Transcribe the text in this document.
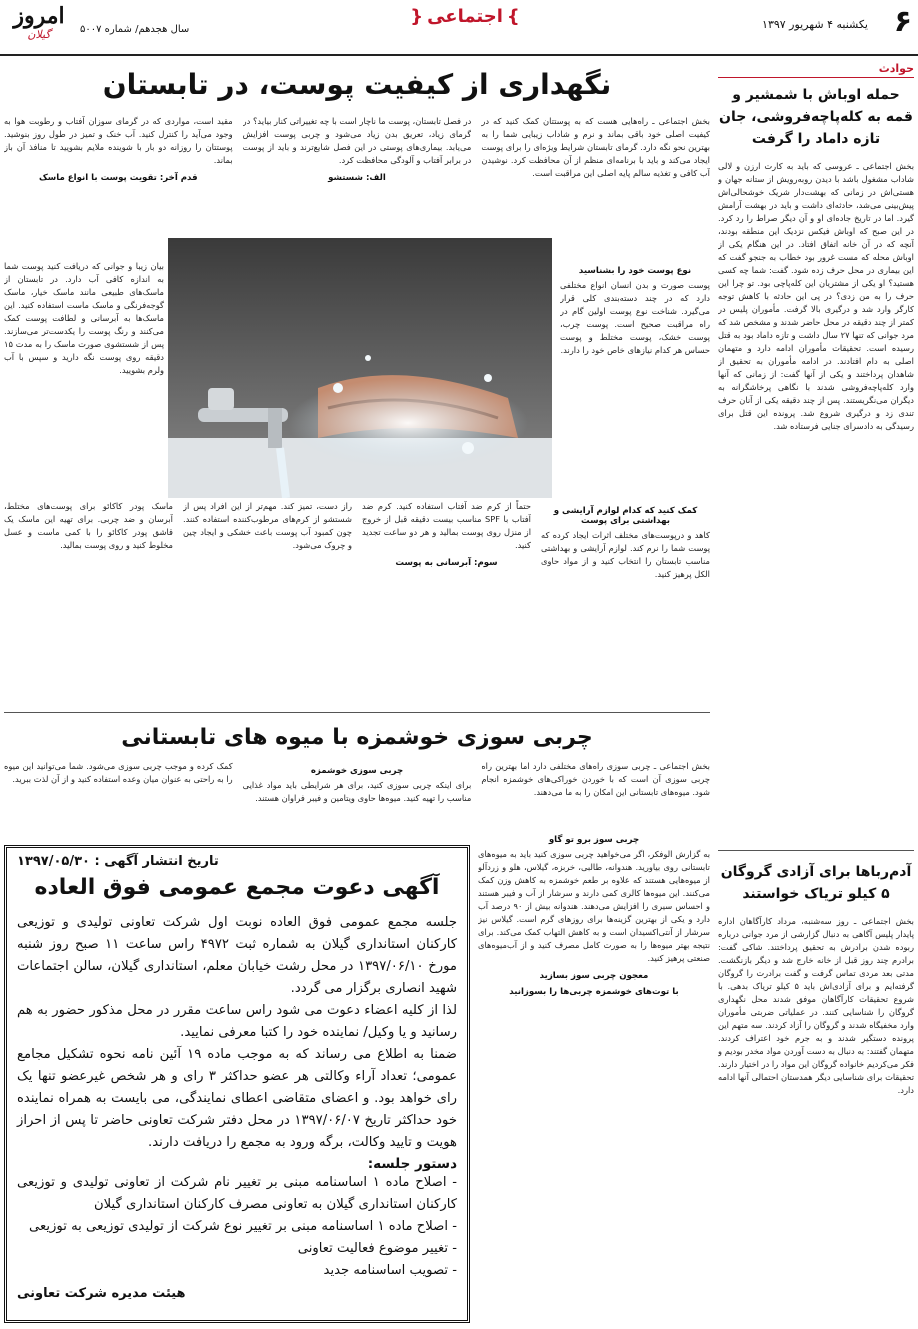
۶
یکشنبه ۴ شهریور ۱۳۹۷
} اجتماعی {
سال هجدهم/ شماره ۵۰۰۷
امروز
گیلان
حوادث
حمله اوباش با شمشیر و قمه به کله‌پاچه‌فروشی، جان تازه داماد را گرفت

بخش اجتماعی ـ عروسی که باید به کارت ارزن و لالی شاداب مشغول باشد با دیدن روبه‌رویش از ستانه جهان و هستی‌اش در زمانی که بهشت‌دار شریک خوشحالی‌اش پیش‌بینی می‌شد، حادثه‌ای داشت و باید در بهشت آرامش گیرد. اما در تاریخ جاده‌ای او و آن دیگر صراط را رد کرد. در این صبح که اوباش فیکس نزدیک این منطقه بودند، آنچه که در آن خانه اتفاق افتاد. در این هنگام یکی از اوباش محله که مست غرور بود خطاب به جنجو گفت که این بیماری در محل حرف زده شود. گفت: شما چه کسی هستید؟ او یکی از مشتریان این کله‌پاچی بود. تو چرا این حرف را به من زدی؟ در پی این حادثه با کاهش توجه کارگر وارد شد و درگیری بالا گرفت. مأموران پلیس در کمتر از چند دقیقه در محل حاضر شدند و مشخص شد که مرد جوانی که تنها ۲۷ سال داشت و تازه داماد بود به قتل رسیده است. تحقیقات مأموران ادامه دارد و متهمان اصلی به دام افتادند. در ادامه مأموران به تحقیق از شاهدان پرداختند و یکی از آنها گفت: از زمانی که آنها وارد کله‌پاچه‌فروشی شدند با نگاهی پرخاشگرانه به دیگران می‌نگریستند. پس از چند دقیقه یکی از آنان حرف تندی زد و درگیری شروع شد. پرونده این قتل برای رسیدگی به دادسرای جنایی فرستاده شد.

آدم‌رباها برای آزادی گروگان ۵ کیلو تریاک خواستند

بخش اجتماعی ـ روز سه‌شنبه، مرداد کارآگاهان اداره پایدار پلیس آگاهی به دنبال گزارشی از مرد جوانی درباره ربوده شدن برادرش به تحقیق پرداختند. شاکی گفت: برادرم چند روز قبل از خانه خارج شد و دیگر بازنگشت. مدتی بعد مردی تماس گرفت و گفت برادرت را گروگان گرفته‌ایم و برای آزادی‌اش باید ۵ کیلو تریاک بدهی. با شروع تحقیقات کارآگاهان موفق شدند محل نگهداری گروگان را شناسایی کنند. در عملیاتی ضربتی مأموران وارد مخفیگاه شدند و گروگان را آزاد کردند. سه متهم این پرونده دستگیر شدند و به جرم خود اعتراف کردند. متهمان گفتند: به دنبال به دست آوردن مواد مخدر بودیم و فکر می‌کردیم خانواده گروگان این مواد را در اختیار دارند. تحقیقات برای شناسایی دیگر همدستان احتمالی آنها ادامه دارد.

نگهداری از کیفیت پوست، در تابستان

بخش اجتماعی ـ راه‌هایی هست که به پوستتان کمک کنید که در کیفیت اصلی خود باقی بماند و نرم و شاداب زیبایی شما را به بهترین نحو نگه دارد. گرمای تابستان شرایط ویژه‌ای را برای پوست ایجاد می‌کند و باید با برنامه‌ای منظم از آن محافظت کرد. نوشیدن آب کافی و تغذیه سالم پایه اصلی این مراقبت است.

در فصل تابستان، پوست ما ناچار است با چه تغییراتی کنار بیاید؟ در گرمای زیاد، تعریق بدن زیاد می‌شود و چربی پوست افزایش می‌یابد. بیماری‌های پوستی در این فصل شایع‌ترند و باید از پوست در برابر آفتاب و آلودگی محافظت کرد.

الف: شستشو

مقید است، مواردی که در گرمای سوزان آفتاب و رطوبت هوا به وجود می‌آید را کنترل کنید. آب خنک و تمیز در طول روز بنوشید. پوستتان را روزانه دو بار با شوینده ملایم بشویید تا منافذ آن باز بماند.

قدم آخر: تقویت پوست با انواع ماسک
نوع پوست خود را بشناسید

پوست صورت و بدن انسان انواع مختلفی دارد که در چند دسته‌بندی کلی قرار می‌گیرد. شناخت نوع پوست اولین گام در راه مراقبت صحیح است. پوست چرب، پوست خشک، پوست مختلط و پوست حساس هر کدام نیازهای خاص خود را دارند.

بیان زیبا و جوانی که دریافت کنید پوست شما به اندازه کافی آب دارد. در تابستان از ماسک‌های طبیعی مانند ماسک خیار، ماسک گوجه‌فرنگی و ماسک ماست استفاده کنید. این ماسک‌ها به آبرسانی و لطافت پوست کمک می‌کنند و رنگ پوست را یکدست‌تر می‌سازند. پس از شستشوی صورت ماسک را به مدت ۱۵ دقیقه روی پوست نگه دارید و سپس با آب ولرم بشویید.

کمک کنید که کدام لوازم آرایشی و بهداشتی برای پوست

کاهد و درپوست‌های مختلف اثرات ایجاد کرده که پوست شما را نرم کند. لوازم آرایشی و بهداشتی مناسب تابستان را انتخاب کنید و از مواد حاوی الکل پرهیز کنید.

حتماً از کرم ضد آفتاب استفاده کنید. کرم ضد آفتاب با SPF مناسب بیست دقیقه قبل از خروج از منزل روی پوست بمالید و هر دو ساعت تجدید کنید.

سوم: آبرسانی به پوست

راز دست، تمیز کند. مهم‌تر از این افراد پس از شستشو از کرم‌های مرطوب‌کننده استفاده کنند. چون کمبود آب پوست باعث خشکی و ایجاد چین و چروک می‌شود.

ماسک پودر کاکائو برای پوست‌های مختلط، آبرسان و ضد چربی. برای تهیه این ماسک یک قاشق پودر کاکائو را با کمی ماست و عسل مخلوط کنید و روی پوست بمالید.

چربی سوزی خوشمزه با میوه های تابستانی

بخش اجتماعی ـ چربی سوزی راه‌های مختلفی دارد اما بهترین راه چربی سوزی آن است که با خوردن خوراکی‌های خوشمزه انجام شود. میوه‌های تابستانی این امکان را به ما می‌دهند.

چربی سوزی خوشمزه

برای اینکه چربی سوزی کنید، برای هر شرایطی باید مواد غذایی مناسب را تهیه کنید. میوه‌ها حاوی ویتامین و فیبر فراوان هستند.

کمک کرده و موجب چربی سوزی می‌شود. شما می‌توانید این میوه را به راحتی به عنوان میان وعده استفاده کنید و از آن لذت ببرید.

چربی سوز برو تو گاو

به گزارش الوفکر، اگر می‌خواهید چربی سوزی کنید باید به میوه‌های تابستانی روی بیاورید. هندوانه، طالبی، خربزه، گیلاس، هلو و زردآلو از میوه‌هایی هستند که علاوه بر طعم خوشمزه به کاهش وزن کمک می‌کنند. این میوه‌ها کالری کمی دارند و سرشار از آب و فیبر هستند و احساس سیری را افزایش می‌دهند. هندوانه بیش از ۹۰ درصد آب دارد و یکی از بهترین گزینه‌ها برای روزهای گرم است. گیلاس نیز سرشار از آنتی‌اکسیدان است و به کاهش التهاب کمک می‌کند. برای نتیجه بهتر میوه‌ها را به صورت کامل مصرف کنید و از آب‌میوه‌های صنعتی پرهیز کنید.

معجون چربی سوز بسازید
با توت‌های خوشمزه چربی‌ها را بسوزانید
تاریخ انتشار آگهی : ۱۳۹۷/۰۵/۳۰
آگهی دعوت مجمع عمومی فوق العاده

جلسه مجمع عمومی فوق العاده نوبت اول شرکت تعاونی تولیدی و توزیعی کارکنان استانداری گیلان به شماره ثبت ۴۹۷۲ راس ساعت ۱۱ صبح روز شنبه مورخ ۱۳۹۷/۰۶/۱۰ در محل رشت خیابان معلم، استانداری گیلان، سالن اجتماعات شهید انصاری برگزار می گردد.

لذا از کلیه اعضاء دعوت می شود راس ساعت مقرر در محل مذکور حضور به هم رسانید و یا وکیل/ نماینده خود را کتبا معرفی نمایید.

ضمنا به اطلاع می رساند که به موجب ماده ۱۹ آئین نامه نحوه تشکیل مجامع عمومی؛ تعداد آراء وکالتی هر عضو حداکثر ۳ رای و هر شخص غیرعضو تنها یک رای خواهد بود. و اعضای متقاضی اعطای نمایندگی، می بایست به همراه نماینده خود حداکثر تاریخ ۱۳۹۷/۰۶/۰۷ در محل دفتر شرکت تعاونی حاضر تا پس از احراز هویت و تایید وکالت، برگه ورود به مجمع را دریافت دارند.

دستور جلسه:

- اصلاح ماده ۱ اساسنامه مبنی بر تغییر نام شرکت از تعاونی تولیدی و توزیعی کارکنان استانداری گیلان به تعاونی مصرف کارکنان استانداری گیلان

- اصلاح ماده ۱ اساسنامه مبنی بر تغییر نوع شرکت از تولیدی توزیعی به توزیعی

- تغییر موضوع فعالیت تعاونی

- تصویب اساسنامه جدید

هیئت مدیره شرکت تعاونی
